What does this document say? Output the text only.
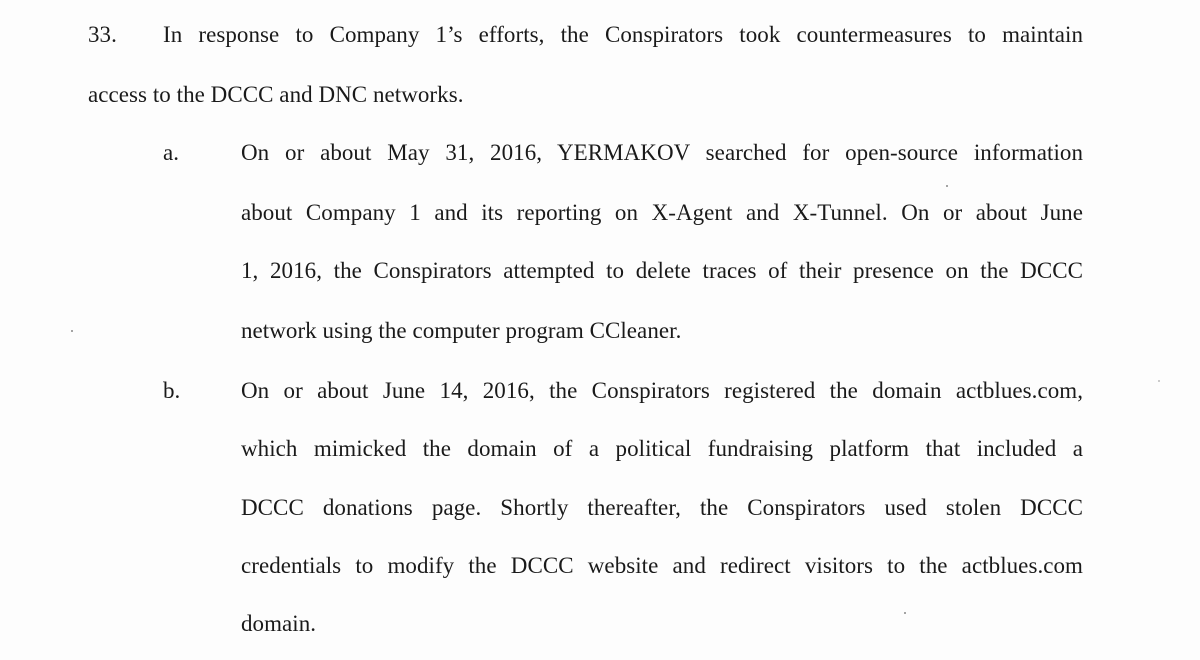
33. In response to Company 1’s efforts, the Conspirators took countermeasures to maintain
access to the DCCC and DNC networks.
a.	On or about May 31, 2016, YERMAKOV searched for open-source information
about Company 1 and its reporting on X-Agent and X-Tunnel. On or about June
1, 2016, the Conspirators attempted to delete traces of their presence on the DCCC
network using the computer program CCleaner.
b.	On or about June 14, 2016, the Conspirators registered the domain actblues.com,
which mimicked the domain of a political fundraising platform that included a
DCCC donations page. Shortly thereafter, the Conspirators used stolen DCCC
credentials to modify the DCCC website and redirect visitors to the actblues.com
domain.
